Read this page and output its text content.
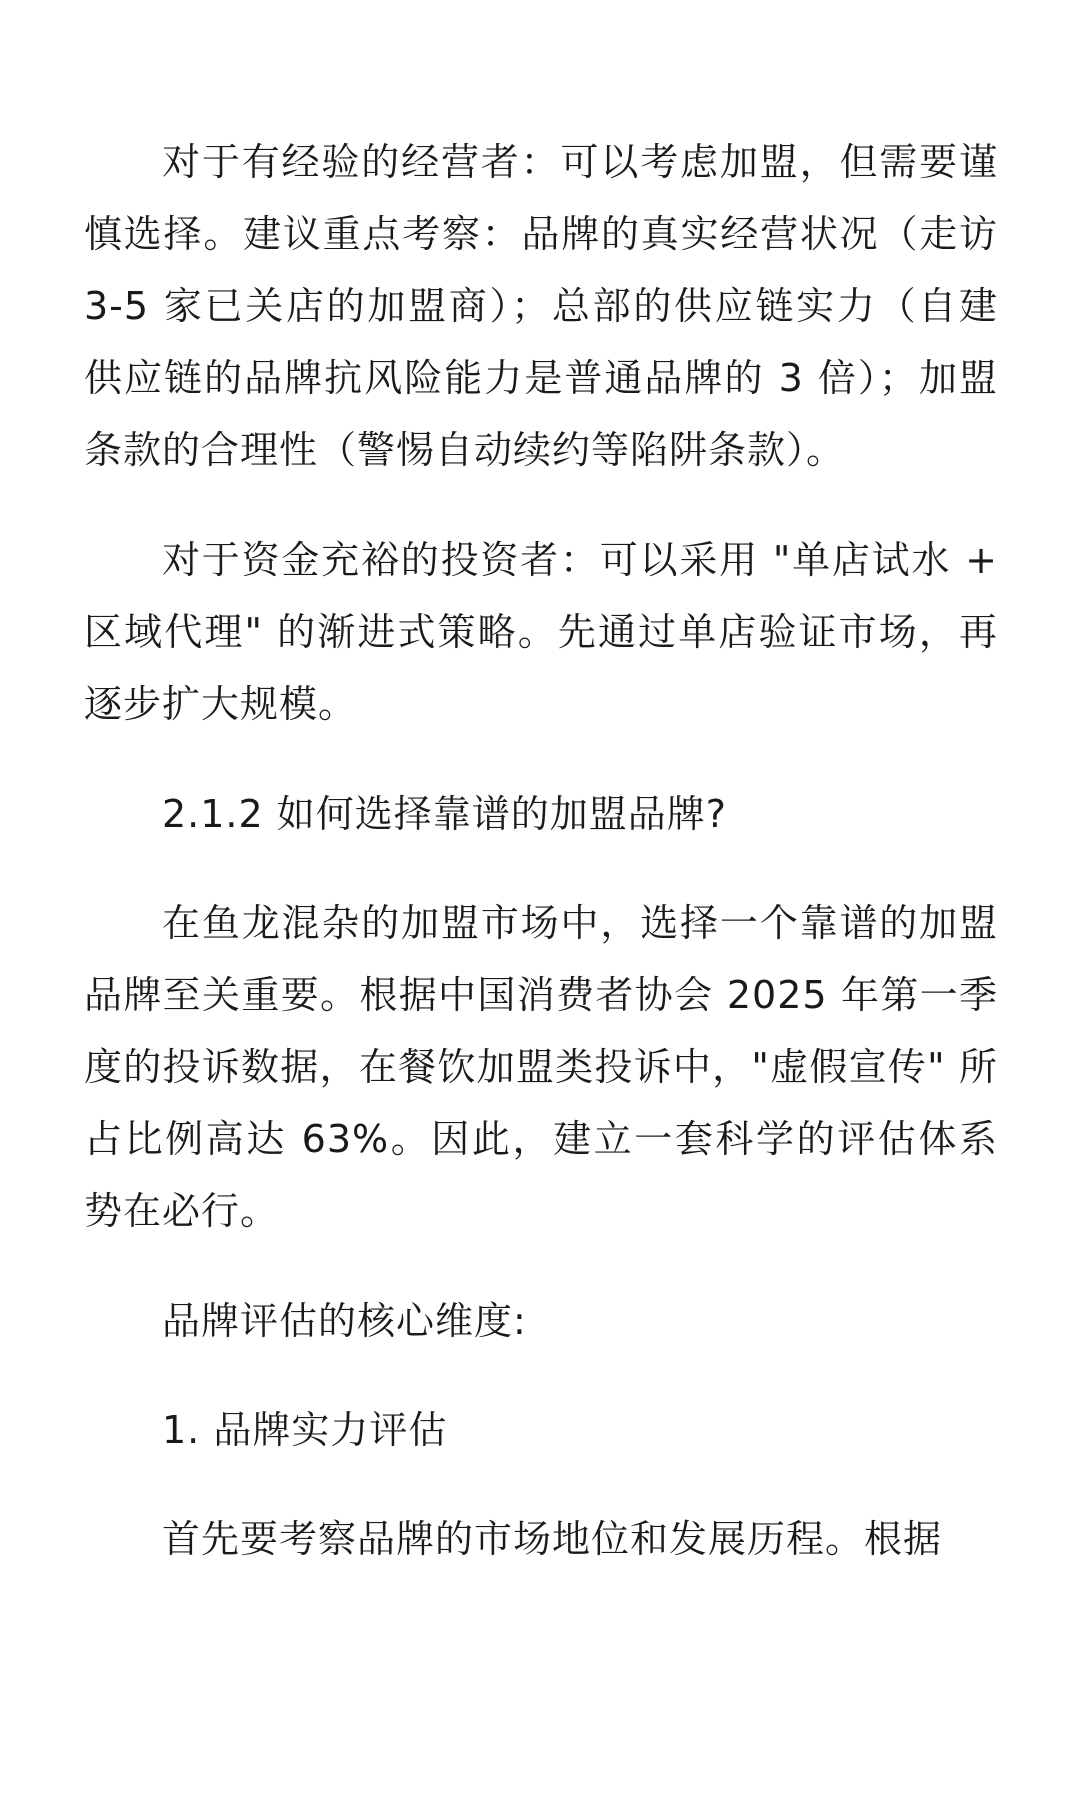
对于有经验的经营者：可以考虑加盟，但需要谨慎选择。建议重点考察：品牌的真实经营状况（走访 3-5 家已关店的加盟商）；总部的供应链实力（自建供应链的品牌抗风险能力是普通品牌的 3 倍）；加盟条款的合理性（警惕自动续约等陷阱条款）。

对于资金充裕的投资者：可以采用 "单店试水 + 区域代理" 的渐进式策略。先通过单店验证市场，再逐步扩大规模。

2.1.2 如何选择靠谱的加盟品牌?

在鱼龙混杂的加盟市场中，选择一个靠谱的加盟品牌至关重要。根据中国消费者协会 2025 年第一季度的投诉数据，在餐饮加盟类投诉中，"虚假宣传" 所占比例高达 63%。因此，建立一套科学的评估体系势在必行。

品牌评估的核心维度:

1. 品牌实力评估

首先要考察品牌的市场地位和发展历程。根据
